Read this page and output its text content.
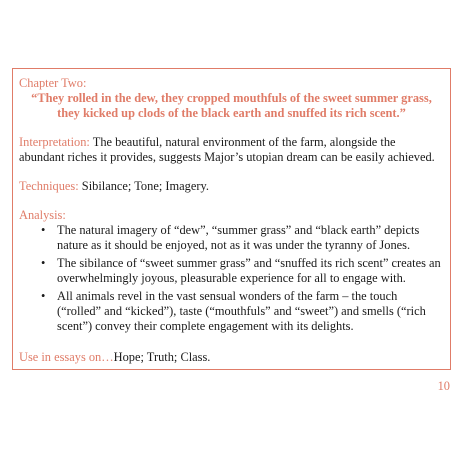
Chapter Two:

“They rolled in the dew, they cropped mouthfuls of the sweet summer grass,

they kicked up clods of the black earth and snuffed its rich scent.”

Interpretation: The beautiful, natural environment of the farm, alongside the abundant riches it provides, suggests Major’s utopian dream can be easily achieved.

Techniques: Sibilance; Tone; Imagery.

Analysis:

• The natural imagery of “dew”, “summer grass” and “black earth” depicts nature as it should be enjoyed, not as it was under the tyranny of Jones.
• The sibilance of “sweet summer grass” and “snuffed its rich scent” creates an overwhelmingly joyous, pleasurable experience for all to engage with.
• All animals revel in the vast sensual wonders of the farm – the touch (“rolled” and “kicked”), taste (“mouthfuls” and “sweet”) and smells (“rich scent”) convey their complete engagement with its delights.

Use in essays on…Hope; Truth; Class.

10
